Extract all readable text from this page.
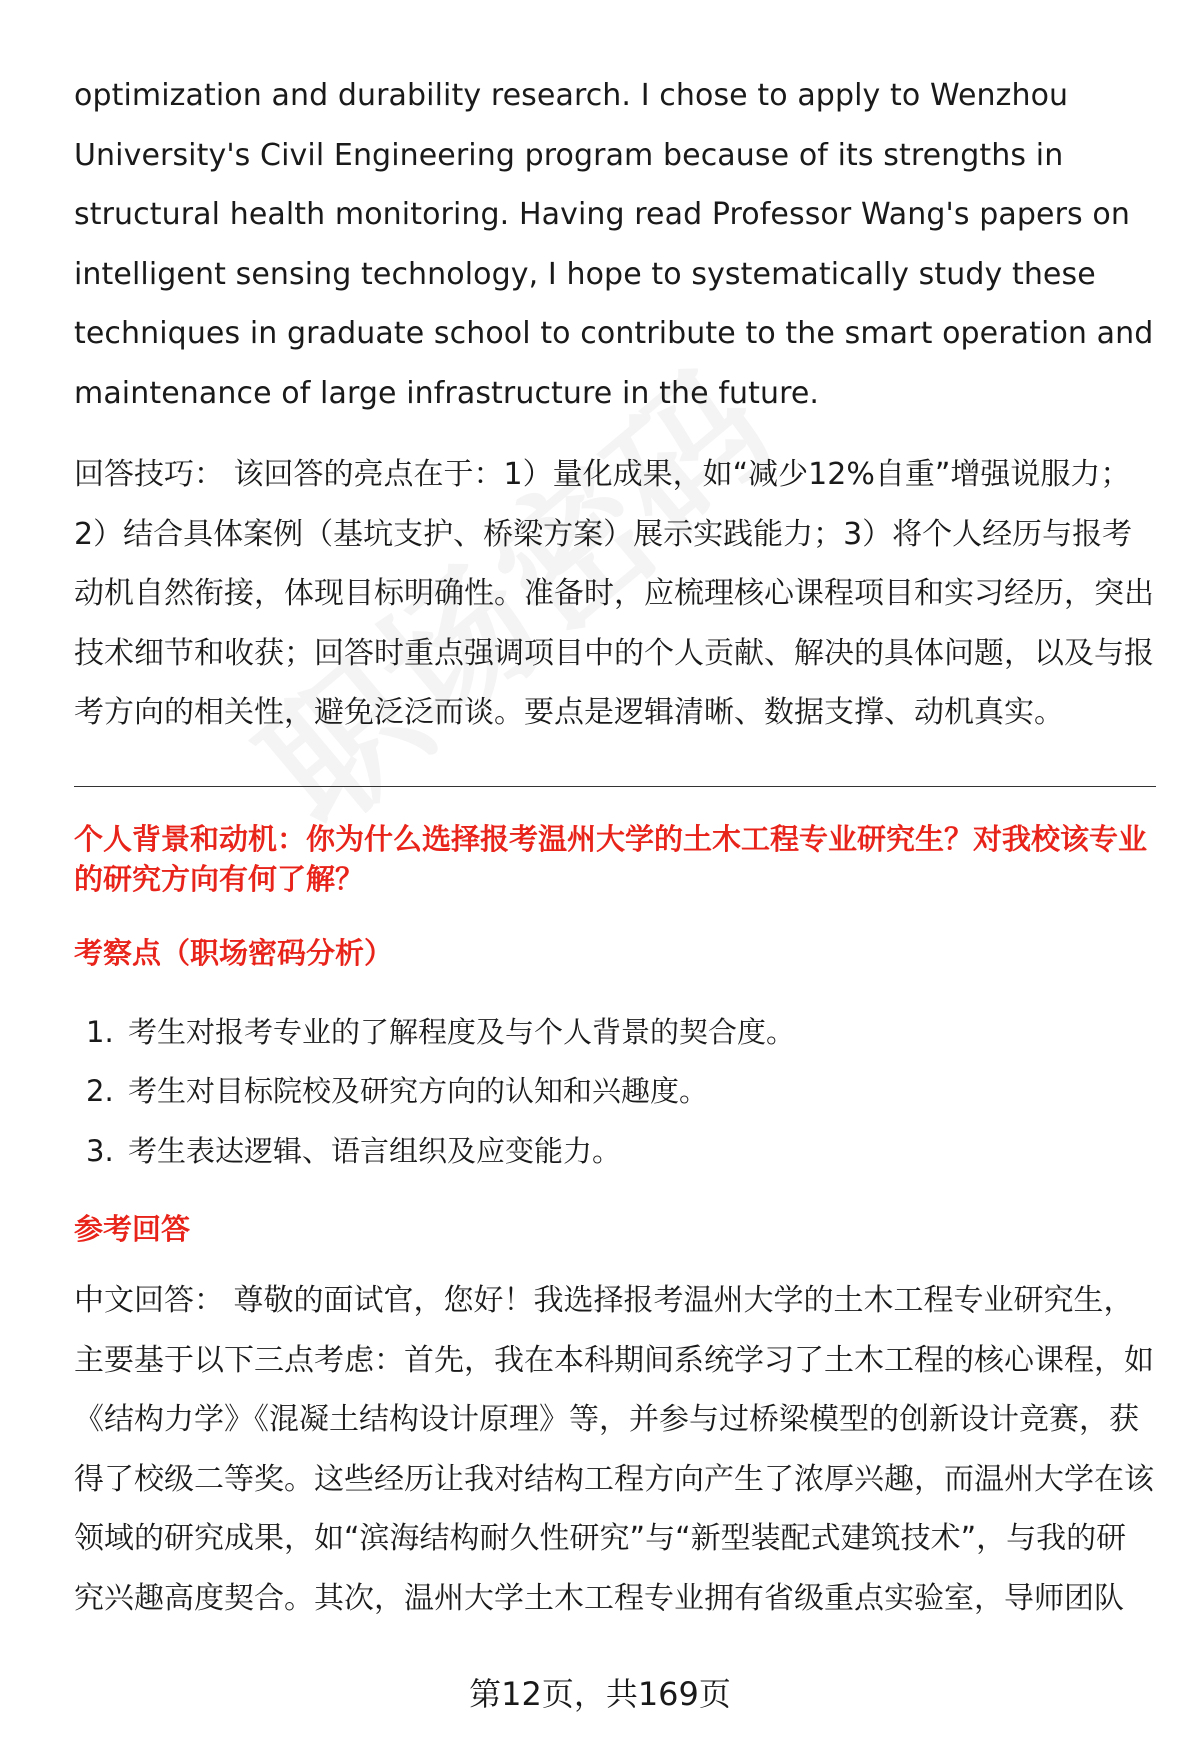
optimization and durability research. I chose to apply to Wenzhou University's Civil Engineering program because of its strengths in structural health monitoring. Having read Professor Wang's papers on intelligent sensing technology, I hope to systematically study these techniques in graduate school to contribute to the smart operation and maintenance of large infrastructure in the future.

回答技巧： 该回答的亮点在于：1）量化成果，如“减少12%自重”增强说服力；2）结合具体案例（基坑支护、桥梁方案）展示实践能力；3）将个人经历与报考动机自然衔接，体现目标明确性。准备时，应梳理核心课程项目和实习经历，突出技术细节和收获；回答时重点强调项目中的个人贡献、解决的具体问题，以及与报考方向的相关性，避免泛泛而谈。要点是逻辑清晰、数据支撑、动机真实。

个人背景和动机：你为什么选择报考温州大学的土木工程专业研究生？对我校该专业的研究方向有何了解？
考察点（职场密码分析）
1. 考生对报考专业的了解程度及与个人背景的契合度。
2. 考生对目标院校及研究方向的认知和兴趣度。
3. 考生表达逻辑、语言组织及应变能力。
参考回答

中文回答： 尊敬的面试官，您好！我选择报考温州大学的土木工程专业研究生，主要基于以下三点考虑：首先，我在本科期间系统学习了土木工程的核心课程，如《结构力学》《混凝土结构设计原理》等，并参与过桥梁模型的创新设计竞赛，获得了校级二等奖。这些经历让我对结构工程方向产生了浓厚兴趣，而温州大学在该领域的研究成果，如“滨海结构耐久性研究”与“新型装配式建筑技术”，与我的研究兴趣高度契合。其次，温州大学土木工程专业拥有省级重点实验室，导师团队

第12页，共169页
